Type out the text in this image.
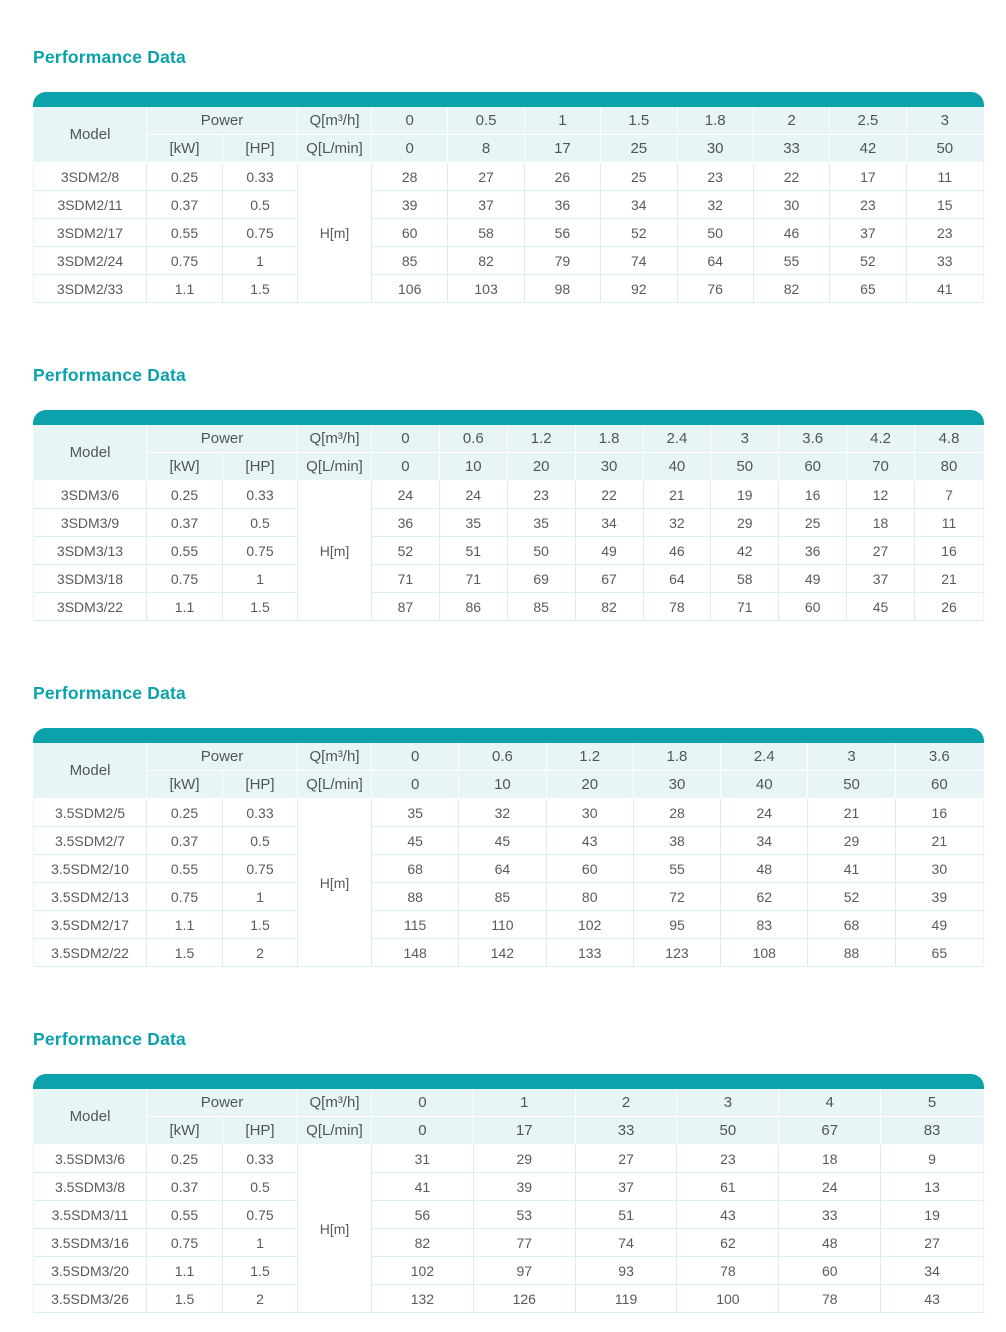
Performance Data
Model	Power		Q[m³/h]	0	0.5	1	1.5	1.8	2	2.5	3
	[kW]	[HP]	Q[L/min]	0	8	17	25	30	33	42	50
3SDM2/8	0.25	0.33	H[m]	28	27	26	25	23	22	17	11
3SDM2/11	0.37	0.5		39	37	36	34	32	30	23	15
3SDM2/17	0.55	0.75		60	58	56	52	50	46	37	23
3SDM2/24	0.75	1		85	82	79	74	64	55	52	33
3SDM2/33	1.1	1.5		106	103	98	92	76	82	65	41
Performance Data
Model	Power		Q[m³/h]	0	0.6	1.2	1.8	2.4	3	3.6	4.2	4.8
	[kW]	[HP]	Q[L/min]	0	10	20	30	40	50	60	70	80
3SDM3/6	0.25	0.33	H[m]	24	24	23	22	21	19	16	12	7
3SDM3/9	0.37	0.5		36	35	35	34	32	29	25	18	11
3SDM3/13	0.55	0.75		52	51	50	49	46	42	36	27	16
3SDM3/18	0.75	1		71	71	69	67	64	58	49	37	21
3SDM3/22	1.1	1.5		87	86	85	82	78	71	60	45	26
Performance Data
Model	Power		Q[m³/h]	0	0.6	1.2	1.8	2.4	3	3.6
	[kW]	[HP]	Q[L/min]	0	10	20	30	40	50	60
3.5SDM2/5	0.25	0.33	H[m]	35	32	30	28	24	21	16
3.5SDM2/7	0.37	0.5		45	45	43	38	34	29	21
3.5SDM2/10	0.55	0.75		68	64	60	55	48	41	30
3.5SDM2/13	0.75	1		88	85	80	72	62	52	39
3.5SDM2/17	1.1	1.5		115	110	102	95	83	68	49
3.5SDM2/22	1.5	2		148	142	133	123	108	88	65
Performance Data
Model	Power		Q[m³/h]	0	1	2	3	4	5
	[kW]	[HP]	Q[L/min]	0	17	33	50	67	83
3.5SDM3/6	0.25	0.33	H[m]	31	29	27	23	18	9
3.5SDM3/8	0.37	0.5		41	39	37	61	24	13
3.5SDM3/11	0.55	0.75		56	53	51	43	33	19
3.5SDM3/16	0.75	1		82	77	74	62	48	27
3.5SDM3/20	1.1	1.5		102	97	93	78	60	34
3.5SDM3/26	1.5	2		132	126	119	100	78	43
